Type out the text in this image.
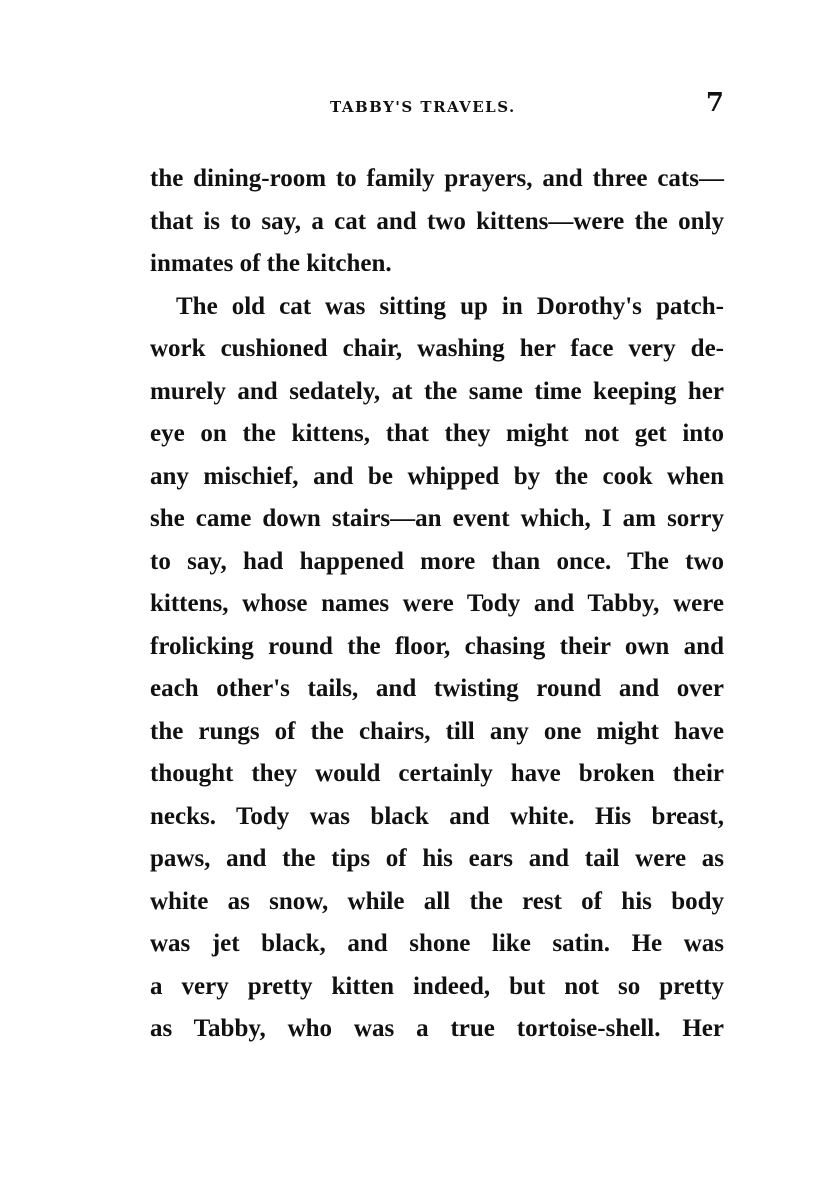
TABBY'S TRAVELS.	7
the dining-room to family prayers, and three cats—
that is to say, a cat and two kittens—were the only
inmates of the kitchen.
The old cat was sitting up in Dorothy's patch-
work cushioned chair, washing her face very de-
murely and sedately, at the same time keeping her
eye on the kittens, that they might not get into
any mischief, and be whipped by the cook when
she came down stairs—an event which, I am sorry
to say, had happened more than once. The two
kittens, whose names were Tody and Tabby, were
frolicking round the floor, chasing their own and
each other's tails, and twisting round and over
the rungs of the chairs, till any one might have
thought they would certainly have broken their
necks. Tody was black and white. His breast,
paws, and the tips of his ears and tail were as
white as snow, while all the rest of his body
was jet black, and shone like satin. He was
a very pretty kitten indeed, but not so pretty
as Tabby, who was a true tortoise-shell. Her
